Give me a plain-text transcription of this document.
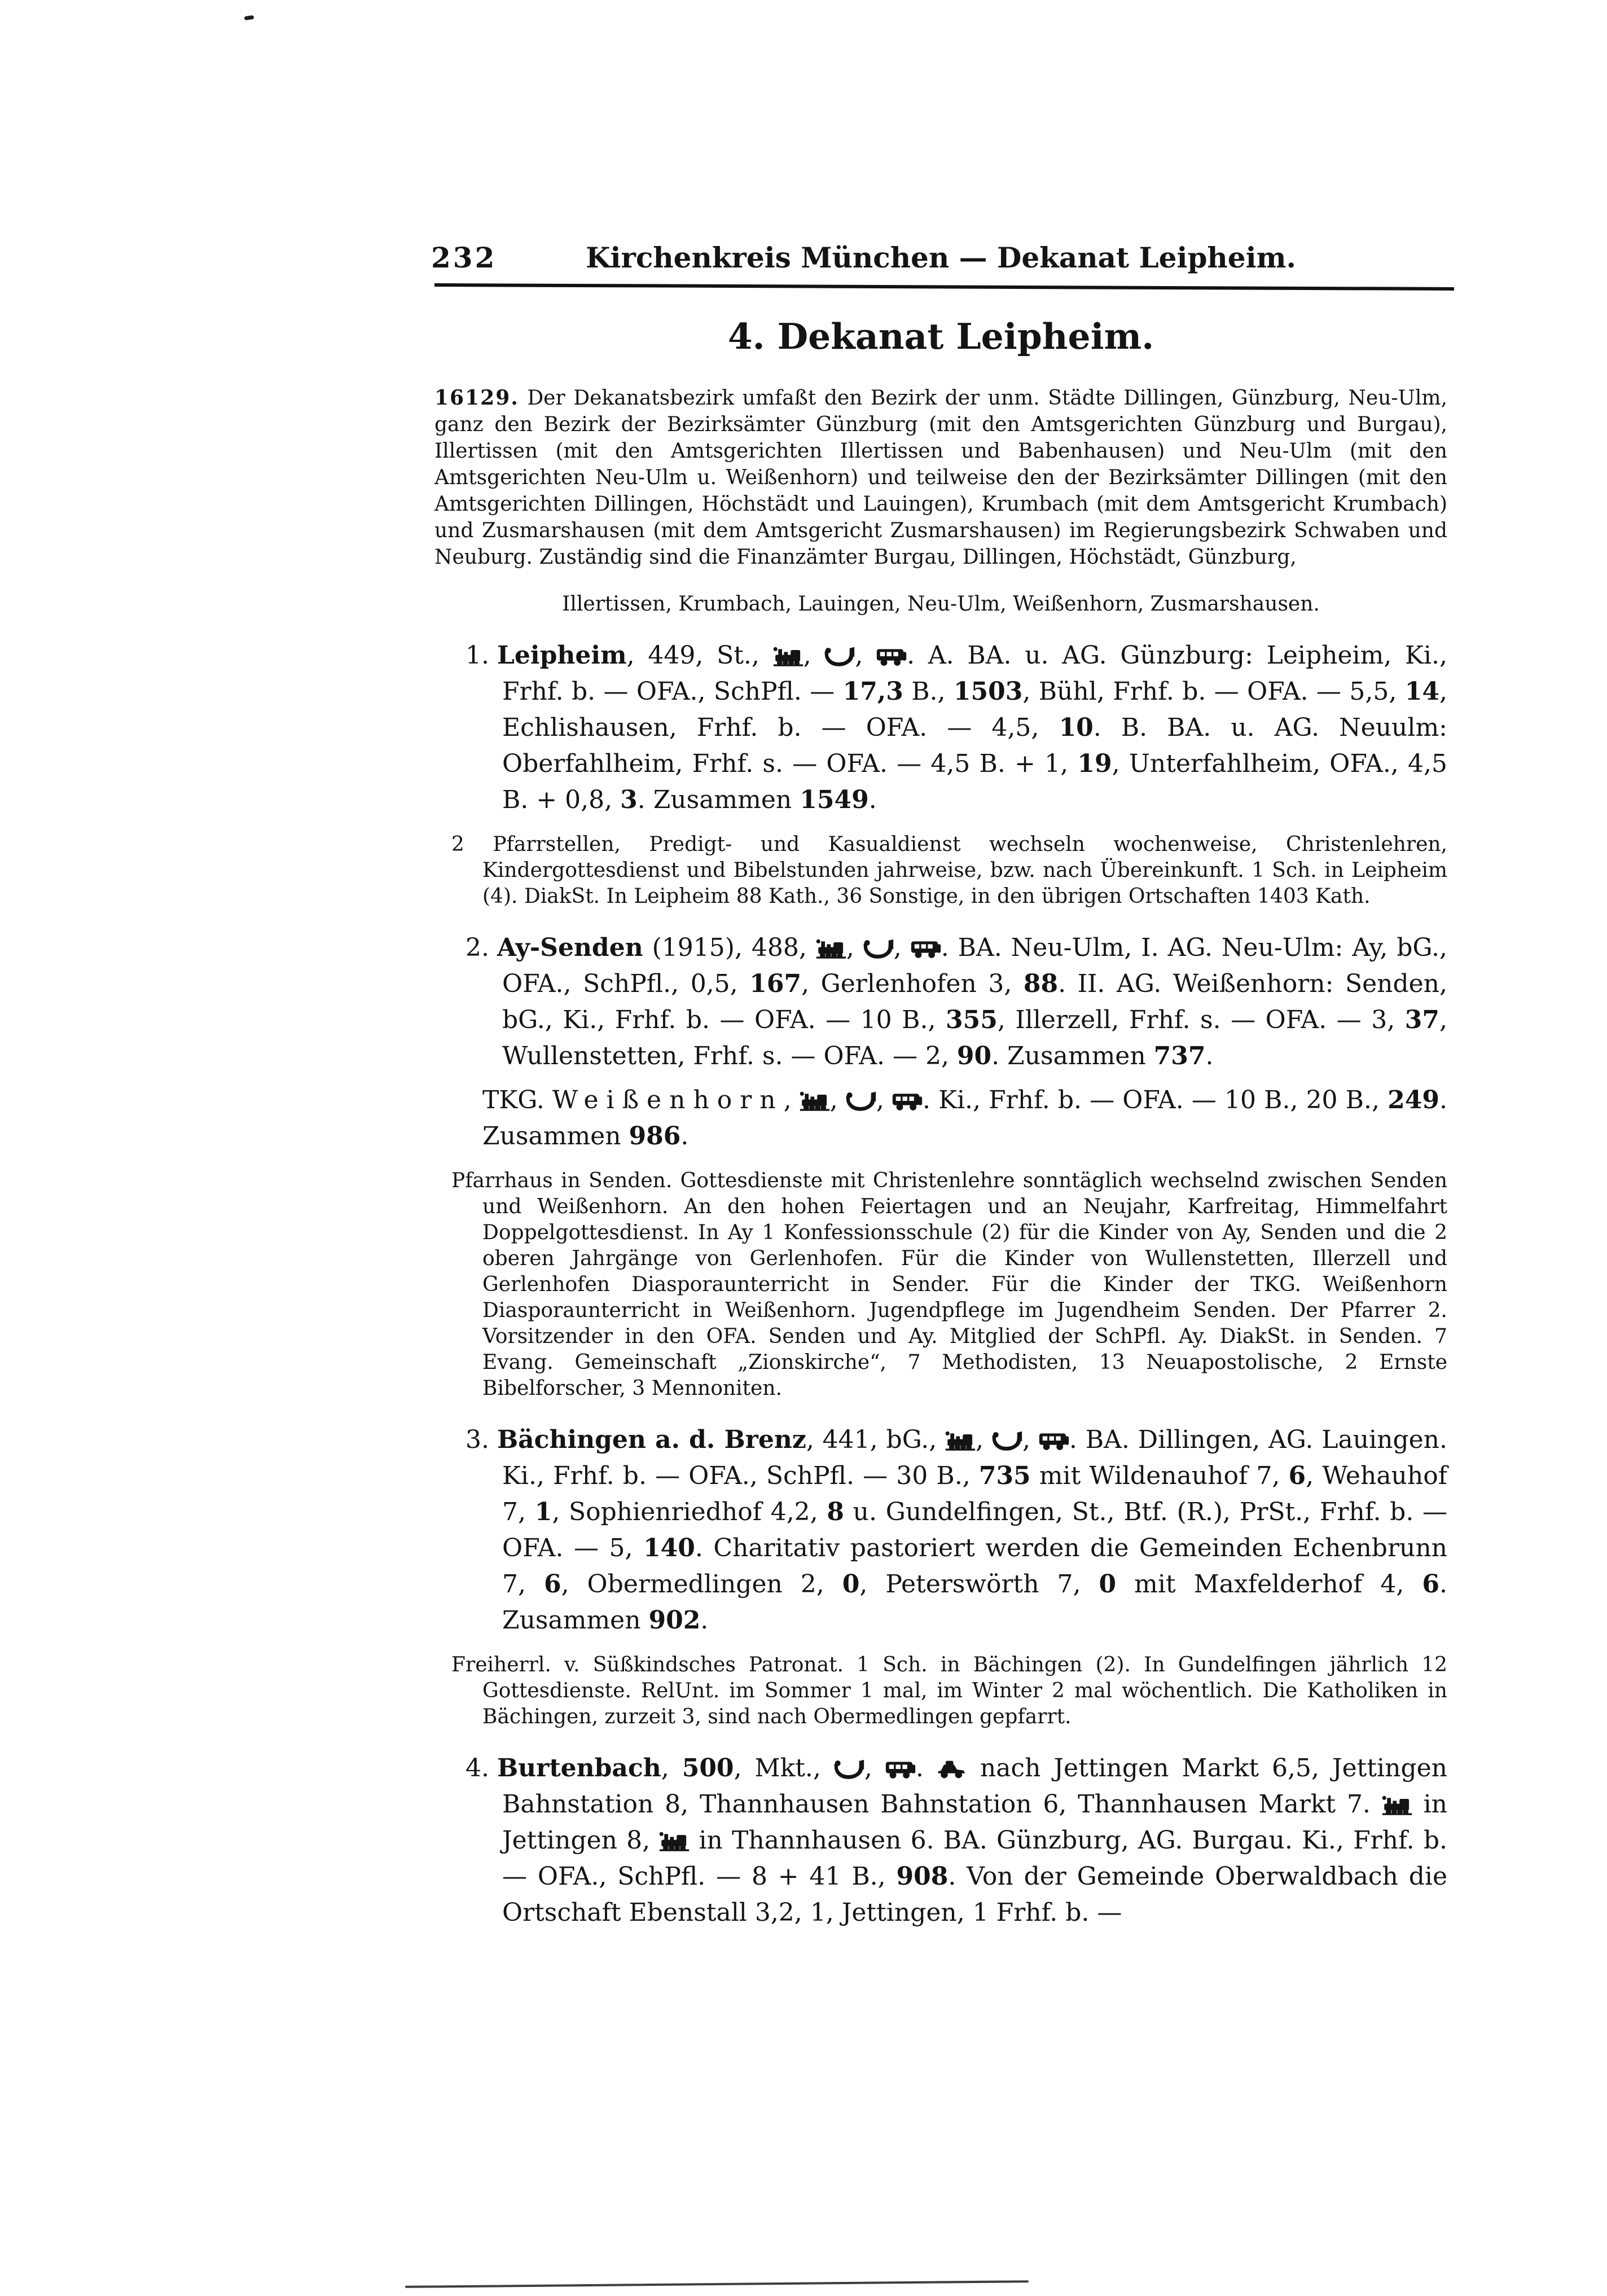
232	Kirchenkreis München — Dekanat Leipheim.
4. Dekanat Leipheim.

16129. Der Dekanatsbezirk umfaßt den Bezirk der unm. Städte Dillingen, Günzburg, Neu-Ulm, ganz den Bezirk der Bezirksämter Günzburg (mit den Amtsgerichten Günzburg und Burgau), Illertissen (mit den Amtsgerichten Illertissen und Babenhausen) und Neu-Ulm (mit den Amtsgerichten Neu-Ulm u. Weißenhorn) und teilweise den der Bezirksämter Dillingen (mit den Amtsgerichten Dillingen, Höchstädt und Lauingen), Krumbach (mit dem Amtsgericht Krumbach) und Zusmarshausen (mit dem Amtsgericht Zusmarshausen) im Regierungsbezirk Schwaben und Neuburg. Zuständig sind die Finanzämter Burgau, Dillingen, Höchstädt, Günzburg,

Illertissen, Krumbach, Lauingen, Neu-Ulm, Weißenhorn, Zusmarshausen.

1. Leipheim, 449, St., , , . A. BA. u. AG. Günzburg: Leipheim, Ki., Frhf. b. — OFA., SchPfl. — 17,3 B., 1503, Bühl, Frhf. b. — OFA. — 5,5, 14, Echlishausen, Frhf. b. — OFA. — 4,5, 10. B. BA. u. AG. Neuulm: Oberfahlheim, Frhf. s. — OFA. — 4,5 B. + 1, 19, Unterfahlheim, OFA., 4,5 B. + 0,8, 3. Zusammen 1549.

2 Pfarrstellen, Predigt- und Kasualdienst wechseln wochenweise, Christenlehren, Kindergottesdienst und Bibelstunden jahrweise, bzw. nach Übereinkunft. 1 Sch. in Leipheim (4). DiakSt. In Leipheim 88 Kath., 36 Sonstige, in den übrigen Ortschaften 1403 Kath.

2. Ay-Senden (1915), 488, , , . BA. Neu-Ulm, I. AG. Neu-Ulm: Ay, bG., OFA., SchPfl., 0,5, 167, Gerlenhofen 3, 88. II. AG. Weißenhorn: Senden, bG., Ki., Frhf. b. — OFA. — 10 B., 355, Illerzell, Frhf. s. — OFA. — 3, 37, Wullenstetten, Frhf. s. — OFA. — 2, 90. Zusammen 737.

TKG. Weißenhorn, , , . Ki., Frhf. b. — OFA. — 10 B., 20 B., 249. Zusammen 986.

Pfarrhaus in Senden. Gottesdienste mit Christenlehre sonntäglich wechselnd zwischen Senden und Weißenhorn. An den hohen Feiertagen und an Neujahr, Karfreitag, Himmelfahrt Doppelgottesdienst. In Ay 1 Konfessionsschule (2) für die Kinder von Ay, Senden und die 2 oberen Jahrgänge von Gerlenhofen. Für die Kinder von Wullenstetten, Illerzell und Gerlenhofen Diasporaunterricht in Sender. Für die Kinder der TKG. Weißenhorn Diasporaunterricht in Weißenhorn. Jugendpflege im Jugendheim Senden. Der Pfarrer 2. Vorsitzender in den OFA. Senden und Ay. Mitglied der SchPfl. Ay. DiakSt. in Senden. 7 Evang. Gemeinschaft „Zionskirche“, 7 Methodisten, 13 Neuapostolische, 2 Ernste Bibelforscher, 3 Mennoniten.

3. Bächingen a. d. Brenz, 441, bG., , , . BA. Dillingen, AG. Lauingen. Ki., Frhf. b. — OFA., SchPfl. — 30 B., 735 mit Wildenauhof 7, 6, Wehauhof 7, 1, Sophienriedhof 4,2, 8 u. Gundelfingen, St., Btf. (R.), PrSt., Frhf. b. — OFA. — 5, 140. Charitativ pastoriert werden die Gemeinden Echenbrunn 7, 6, Obermedlingen 2, 0, Peterswörth 7, 0 mit Maxfelderhof 4, 6. Zusammen 902.

Freiherrl. v. Süßkindsches Patronat. 1 Sch. in Bächingen (2). In Gundelfingen jährlich 12 Gottesdienste. RelUnt. im Sommer 1 mal, im Winter 2 mal wöchentlich. Die Katholiken in Bächingen, zurzeit 3, sind nach Obermedlingen gepfarrt.

4. Burtenbach, 500, Mkt., , .  nach Jettingen Markt 6,5, Jettingen Bahnstation 8, Thannhausen Bahnstation 6, Thannhausen Markt 7.  in Jettingen 8,  in Thannhausen 6. BA. Günzburg, AG. Burgau. Ki., Frhf. b. — OFA., SchPfl. — 8 + 41 B., 908. Von der Gemeinde Oberwaldbach die Ortschaft Ebenstall 3,2, 1, Jettingen, 1 Frhf. b. —
